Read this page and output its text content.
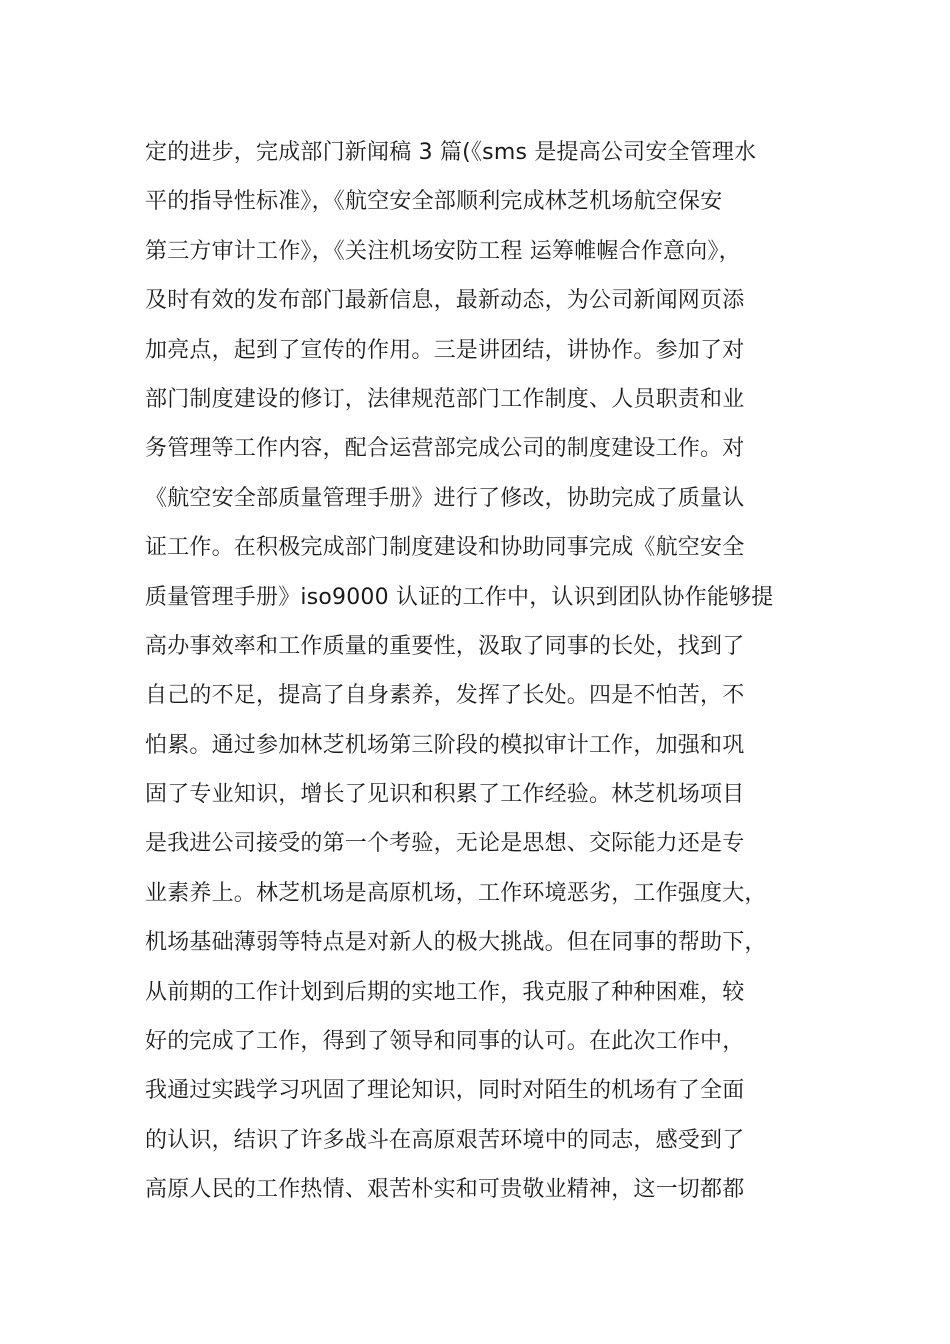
定的进步，完成部门新闻稿 3 篇(《sms 是提高公司安全管理水
平的指导性标准》，《航空安全部顺利完成林芝机场航空保安
第三方审计工作》，《关注机场安防工程 运筹帷幄合作意向》，
及时有效的发布部门最新信息，最新动态，为公司新闻网页添
加亮点，起到了宣传的作用。三是讲团结，讲协作。参加了对
部门制度建设的修订，法律规范部门工作制度、人员职责和业
务管理等工作内容，配合运营部完成公司的制度建设工作。对
《航空安全部质量管理手册》进行了修改，协助完成了质量认
证工作。在积极完成部门制度建设和协助同事完成《航空安全
质量管理手册》iso9000 认证的工作中，认识到团队协作能够提
高办事效率和工作质量的重要性，汲取了同事的长处，找到了
自己的不足，提高了自身素养，发挥了长处。四是不怕苦，不
怕累。通过参加林芝机场第三阶段的模拟审计工作，加强和巩
固了专业知识，增长了见识和积累了工作经验。林芝机场项目
是我进公司接受的第一个考验，无论是思想、交际能力还是专
业素养上。林芝机场是高原机场，工作环境恶劣，工作强度大，
机场基础薄弱等特点是对新人的极大挑战。但在同事的帮助下，
从前期的工作计划到后期的实地工作，我克服了种种困难，较
好的完成了工作，得到了领导和同事的认可。在此次工作中，
我通过实践学习巩固了理论知识，同时对陌生的机场有了全面
的认识，结识了许多战斗在高原艰苦环境中的同志，感受到了
高原人民的工作热情、艰苦朴实和可贵敬业精神，这一切都都
